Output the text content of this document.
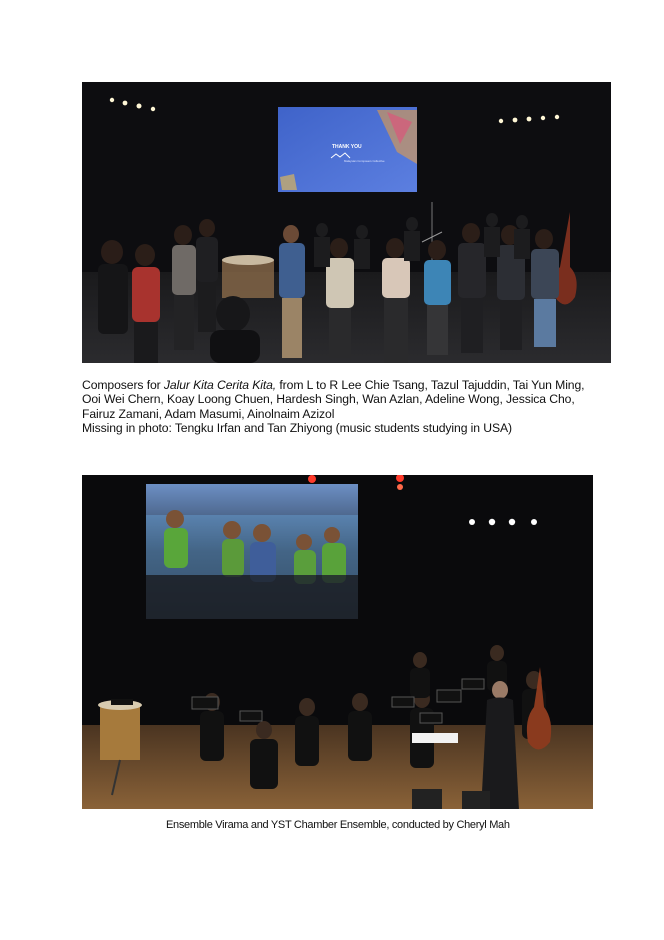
THANK YOU
Malaysian Composers Collective
Composers for Jalur Kita Cerita Kita, from L to R Lee Chie Tsang, Tazul Tajuddin, Tai Yun Ming,
Ooi Wei Chern, Koay Loong Chuen, Hardesh Singh, Wan Azlan, Adeline Wong, Jessica Cho,
Fairuz Zamani, Adam Masumi, Ainolnaim Azizol
Missing in photo: Tengku Irfan and Tan Zhiyong (music students studying in USA)
Ensemble Virama and YST Chamber Ensemble, conducted by Cheryl Mah
